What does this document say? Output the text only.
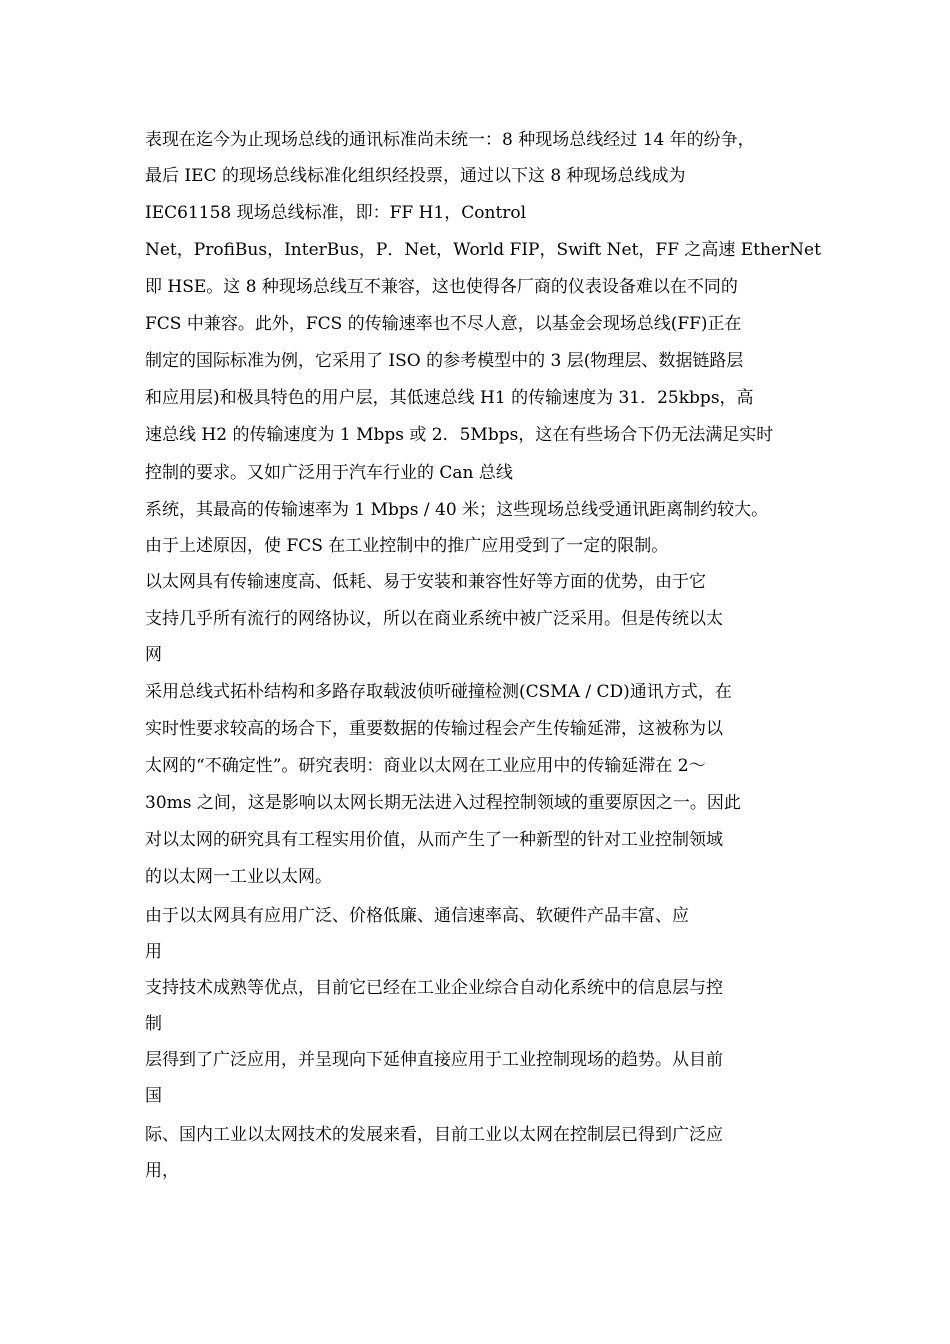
表现在迄今为止现场总线的通讯标准尚未统一：8 种现场总线经过 14 年的纷争，

最后 IEC 的现场总线标准化组织经投票，通过以下这 8 种现场总线成为

IEC61158 现场总线标准，即：FF H1，Control

Net，ProfiBus，InterBus，P．Net，World FIP，Swift Net，FF 之高速 EtherNet

即 HSE。这 8 种现场总线互不兼容，这也使得各厂商的仪表设备难以在不同的

FCS 中兼容。此外，FCS 的传输速率也不尽人意，以基金会现场总线(FF)正在

制定的国际标准为例，它采用了 ISO 的参考模型中的 3 层(物理层、数据链路层

和应用层)和极具特色的用户层，其低速总线 H1 的传输速度为 31．25kbps，高

速总线 H2 的传输速度为 1 Mbps 或 2．5Mbps，这在有些场合下仍无法满足实时

控制的要求。又如广泛用于汽车行业的 Can 总线

系统，其最高的传输速率为 1 Mbps / 40 米；这些现场总线受通讯距离制约较大。

由于上述原因，使 FCS 在工业控制中的推广应用受到了一定的限制。

以太网具有传输速度高、低耗、易于安装和兼容性好等方面的优势，由于它

支持几乎所有流行的网络协议，所以在商业系统中被广泛采用。但是传统以太

网

采用总线式拓朴结构和多路存取载波侦听碰撞检测(CSMA / CD)通讯方式，在

实时性要求较高的场合下，重要数据的传输过程会产生传输延滞，这被称为以

太网的“不确定性”。研究表明：商业以太网在工业应用中的传输延滞在 2～

30ms 之间，这是影响以太网长期无法进入过程控制领域的重要原因之一。因此

对以太网的研究具有工程实用价值，从而产生了一种新型的针对工业控制领域

的以太网一工业以太网。

由于以太网具有应用广泛、价格低廉、通信速率高、软硬件产品丰富、应

用

支持技术成熟等优点，目前它已经在工业企业综合自动化系统中的信息层与控

制

层得到了广泛应用，并呈现向下延伸直接应用于工业控制现场的趋势。从目前

国

际、国内工业以太网技术的发展来看，目前工业以太网在控制层已得到广泛应

用，
